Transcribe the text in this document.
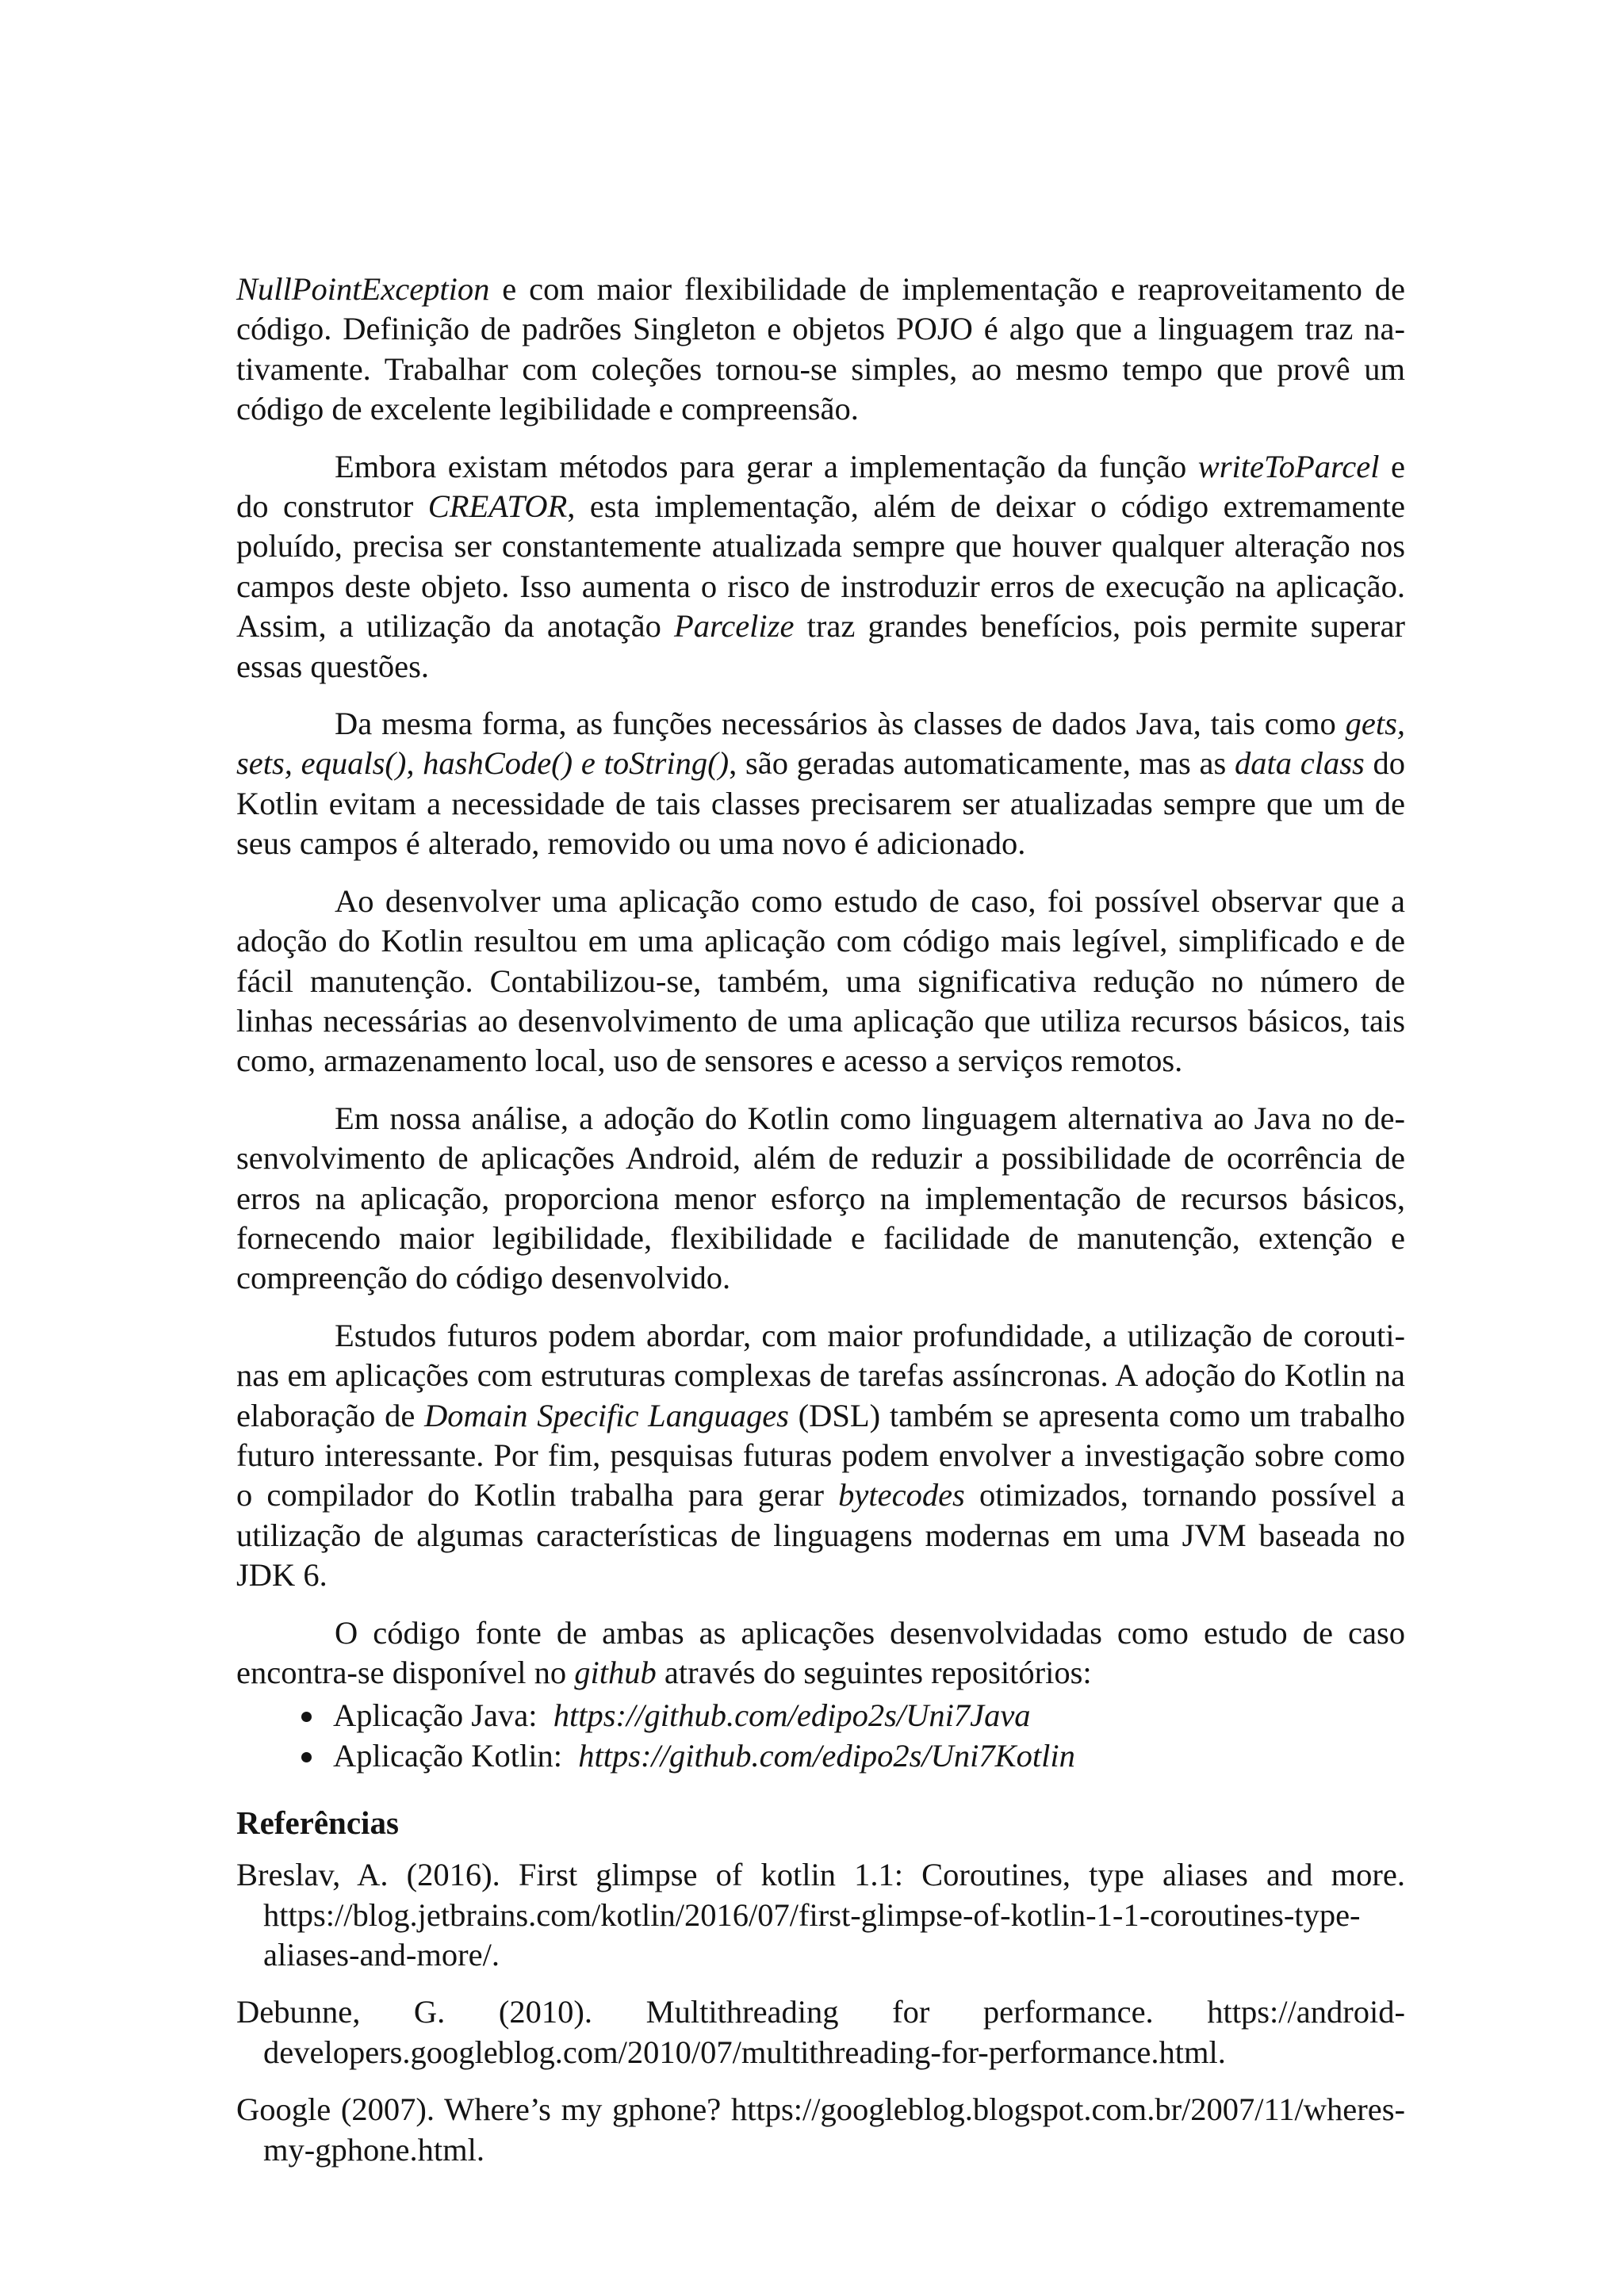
NullPointException e com maior flexibilidade de implementação e reaproveitamento de código. Definição de padrões Singleton e objetos POJO é algo que a linguagem traz nativamente. Trabalhar com coleções tornou-se simples, ao mesmo tempo que provê um código de excelente legibilidade e compreensão.

Embora existam métodos para gerar a implementação da função writeToParcel e do construtor CREATOR, esta implementação, além de deixar o código extremamente poluído, precisa ser constantemente atualizada sempre que houver qualquer alteração nos campos deste objeto. Isso aumenta o risco de instroduzir erros de execução na aplicação. Assim, a utilização da anotação Parcelize traz grandes benefícios, pois permite superar essas questões.

Da mesma forma, as funções necessários às classes de dados Java, tais como gets, sets, equals(), hashCode() e toString(), são geradas automaticamente, mas as data class do Kotlin evitam a necessidade de tais classes precisarem ser atualizadas sempre que um de seus campos é alterado, removido ou uma novo é adicionado.

Ao desenvolver uma aplicação como estudo de caso, foi possível observar que a adoção do Kotlin resultou em uma aplicação com código mais legível, simplificado e de fácil manutenção. Contabilizou-se, também, uma significativa redução no número de linhas necessárias ao desenvolvimento de uma aplicação que utiliza recursos básicos, tais como, armazenamento local, uso de sensores e acesso a serviços remotos.

Em nossa análise, a adoção do Kotlin como linguagem alternativa ao Java no desenvolvimento de aplicações Android, além de reduzir a possibilidade de ocorrência de erros na aplicação, proporciona menor esforço na implementação de recursos básicos, fornecendo maior legibilidade, flexibilidade e facilidade de manutenção, extenção e compreenção do código desenvolvido.

Estudos futuros podem abordar, com maior profundidade, a utilização de coroutinas em aplicações com estruturas complexas de tarefas assíncronas. A adoção do Kotlin na elaboração de Domain Specific Languages (DSL) também se apresenta como um trabalho futuro interessante. Por fim, pesquisas futuras podem envolver a investigação sobre como o compilador do Kotlin trabalha para gerar bytecodes otimizados, tornando possível a utilização de algumas características de linguagens modernas em uma JVM baseada no JDK 6.

O código fonte de ambas as aplicações desenvolvidadas como estudo de caso encontra-se disponível no github através do seguintes repositórios:

Aplicação Java: https://github.com/edipo2s/Uni7Java
Aplicação Kotlin: https://github.com/edipo2s/Uni7Kotlin
Referências
Breslav, A. (2016). First glimpse of kotlin 1.1: Coroutines, type aliases and more. https://blog.jetbrains.com/kotlin/2016/07/first-glimpse-of-kotlin-1-1-coroutines-type-aliases-and-more/.
Debunne, G. (2010). Multithreading for performance. https://android-developers.googleblog.com/2010/07/multithreading-for-performance.html.
Google (2007). Where’s my gphone? https://googleblog.blogspot.com.br/2007/11/wheres-my-gphone.html.
